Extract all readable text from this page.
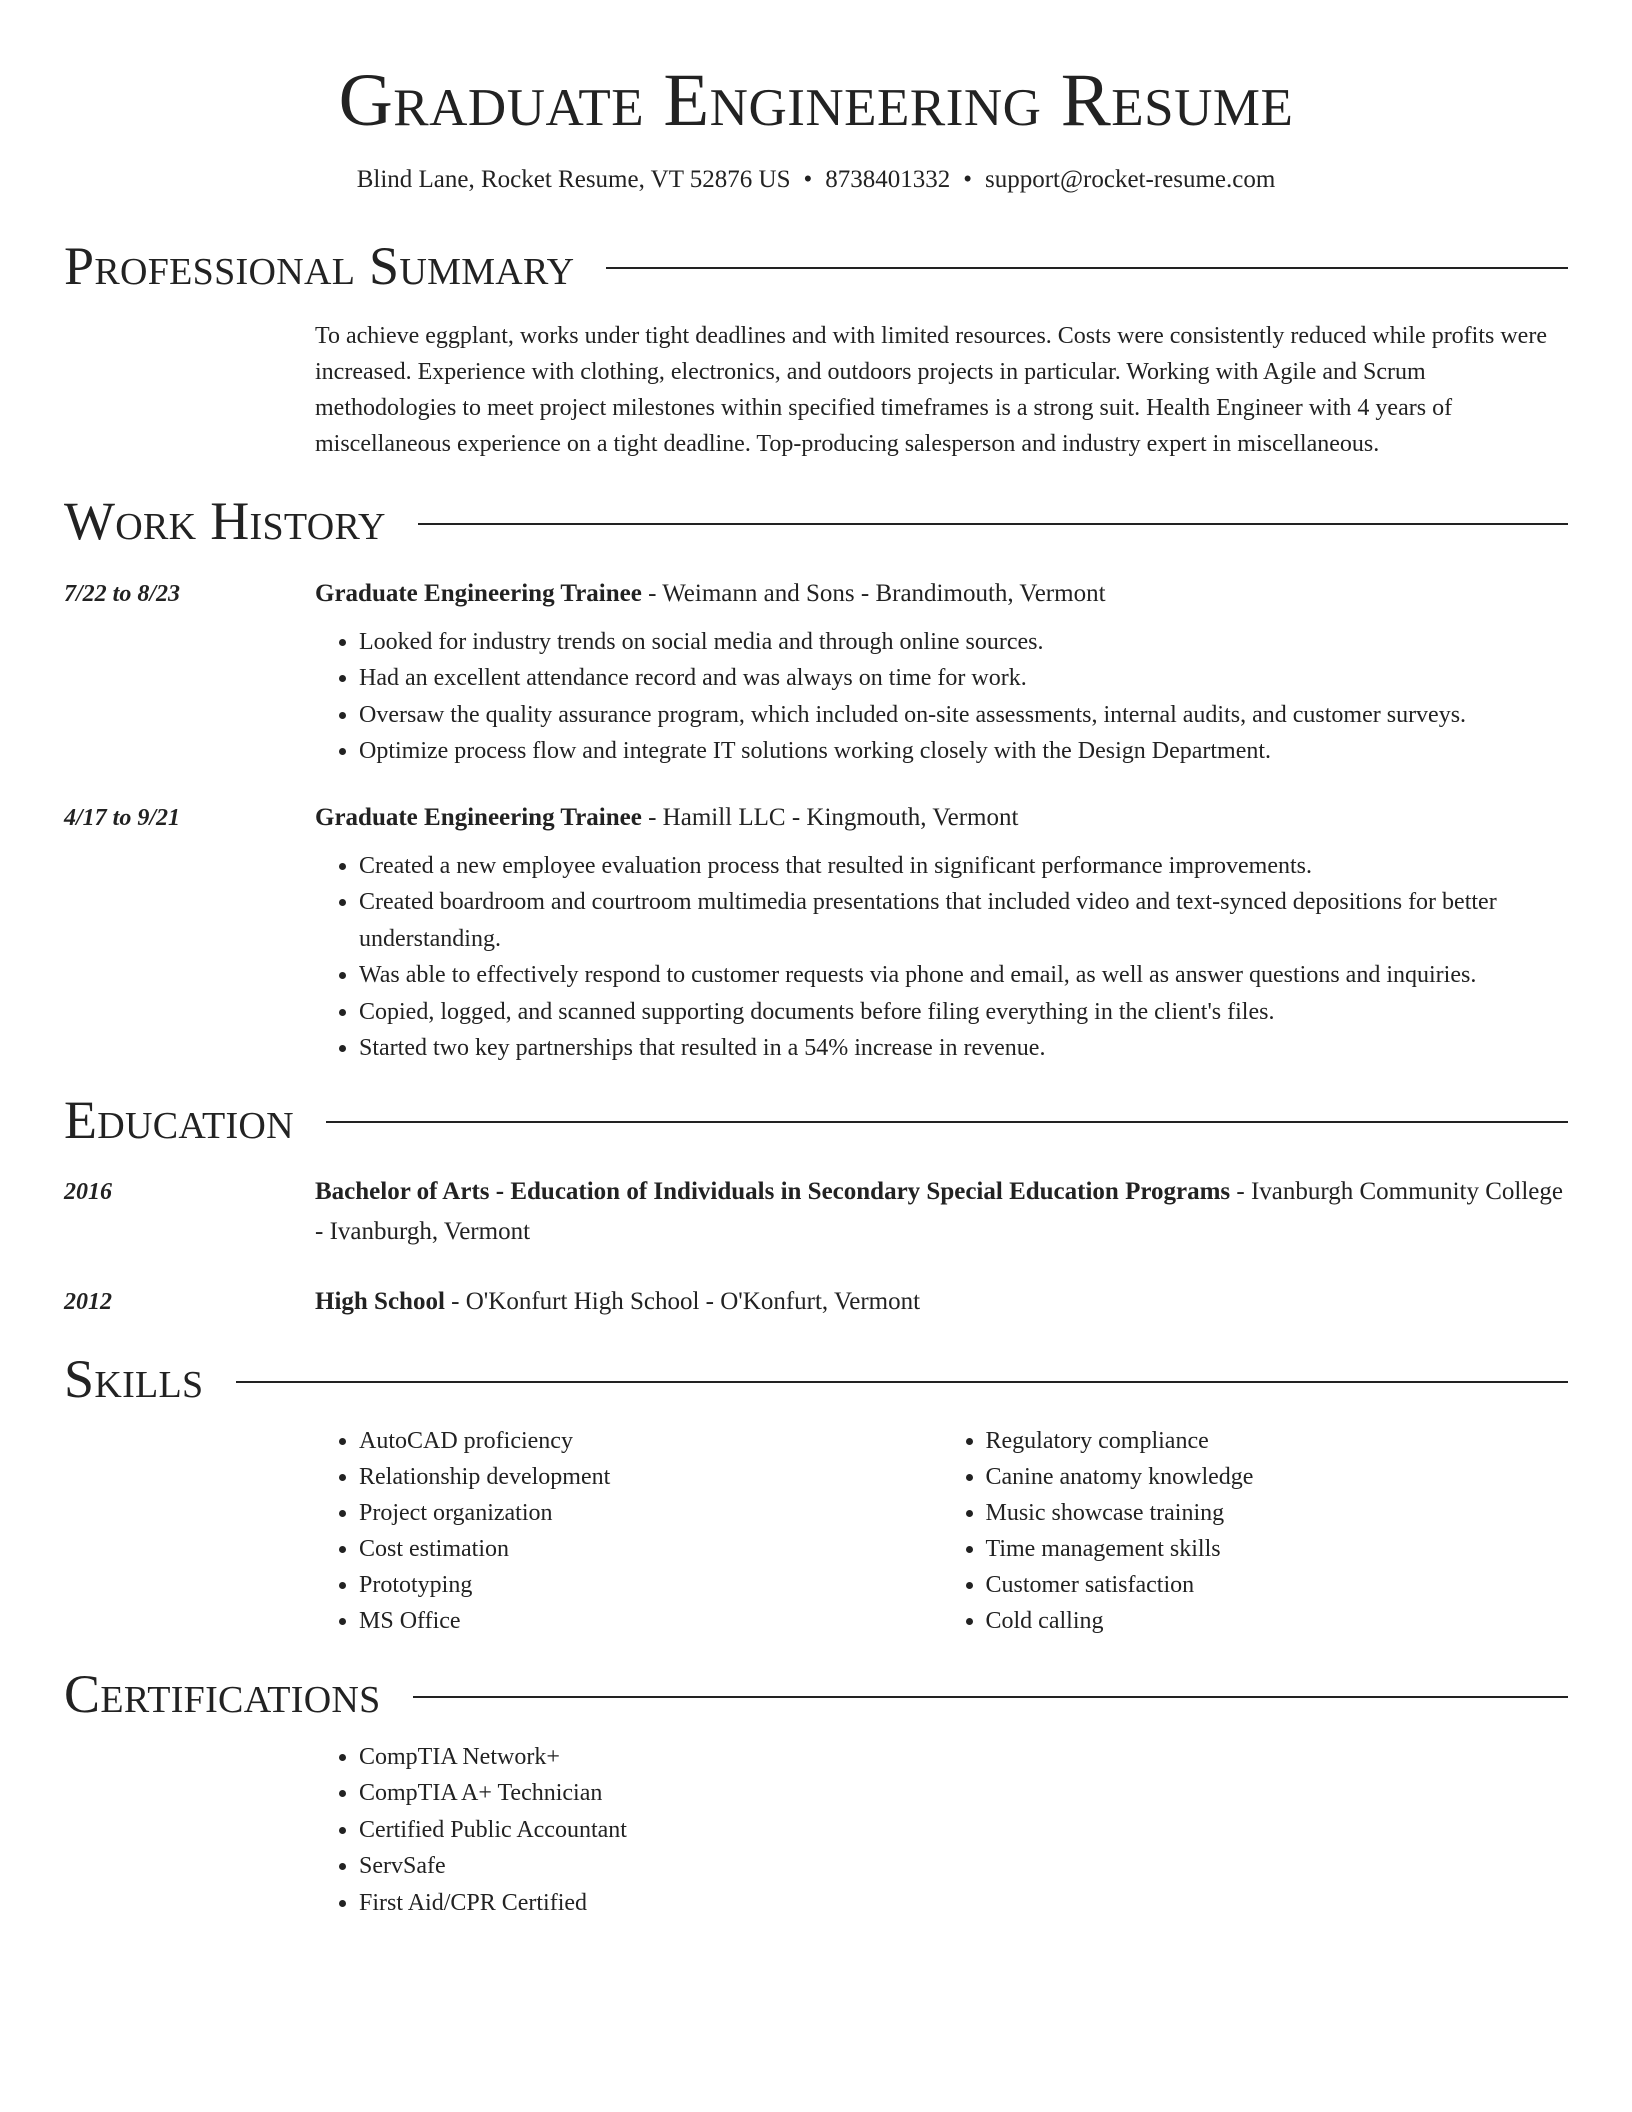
Graduate Engineering Resume
Blind Lane, Rocket Resume, VT 52876 US • 8738401332 • support@rocket-resume.com
Professional Summary
To achieve eggplant, works under tight deadlines and with limited resources. Costs were consistently reduced while profits were increased. Experience with clothing, electronics, and outdoors projects in particular. Working with Agile and Scrum methodologies to meet project milestones within specified timeframes is a strong suit. Health Engineer with 4 years of miscellaneous experience on a tight deadline. Top-producing salesperson and industry expert in miscellaneous.
Work History
7/22 to 8/23	Graduate Engineering Trainee - Weimann and Sons - Brandimouth, Vermont
• Looked for industry trends on social media and through online sources.
• Had an excellent attendance record and was always on time for work.
• Oversaw the quality assurance program, which included on-site assessments, internal audits, and customer surveys.
• Optimize process flow and integrate IT solutions working closely with the Design Department.
4/17 to 9/21	Graduate Engineering Trainee - Hamill LLC - Kingmouth, Vermont
• Created a new employee evaluation process that resulted in significant performance improvements.
• Created boardroom and courtroom multimedia presentations that included video and text-synced depositions for better understanding.
• Was able to effectively respond to customer requests via phone and email, as well as answer questions and inquiries.
• Copied, logged, and scanned supporting documents before filing everything in the client's files.
• Started two key partnerships that resulted in a 54% increase in revenue.
Education
2016	Bachelor of Arts - Education of Individuals in Secondary Special Education Programs - Ivanburgh Community College - Ivanburgh, Vermont
2012	High School - O'Konfurt High School - O'Konfurt, Vermont
Skills
• AutoCAD proficiency
• Relationship development
• Project organization
• Cost estimation
• Prototyping
• MS Office
• Regulatory compliance
• Canine anatomy knowledge
• Music showcase training
• Time management skills
• Customer satisfaction
• Cold calling
Certifications
• CompTIA Network+
• CompTIA A+ Technician
• Certified Public Accountant
• ServSafe
• First Aid/CPR Certified
